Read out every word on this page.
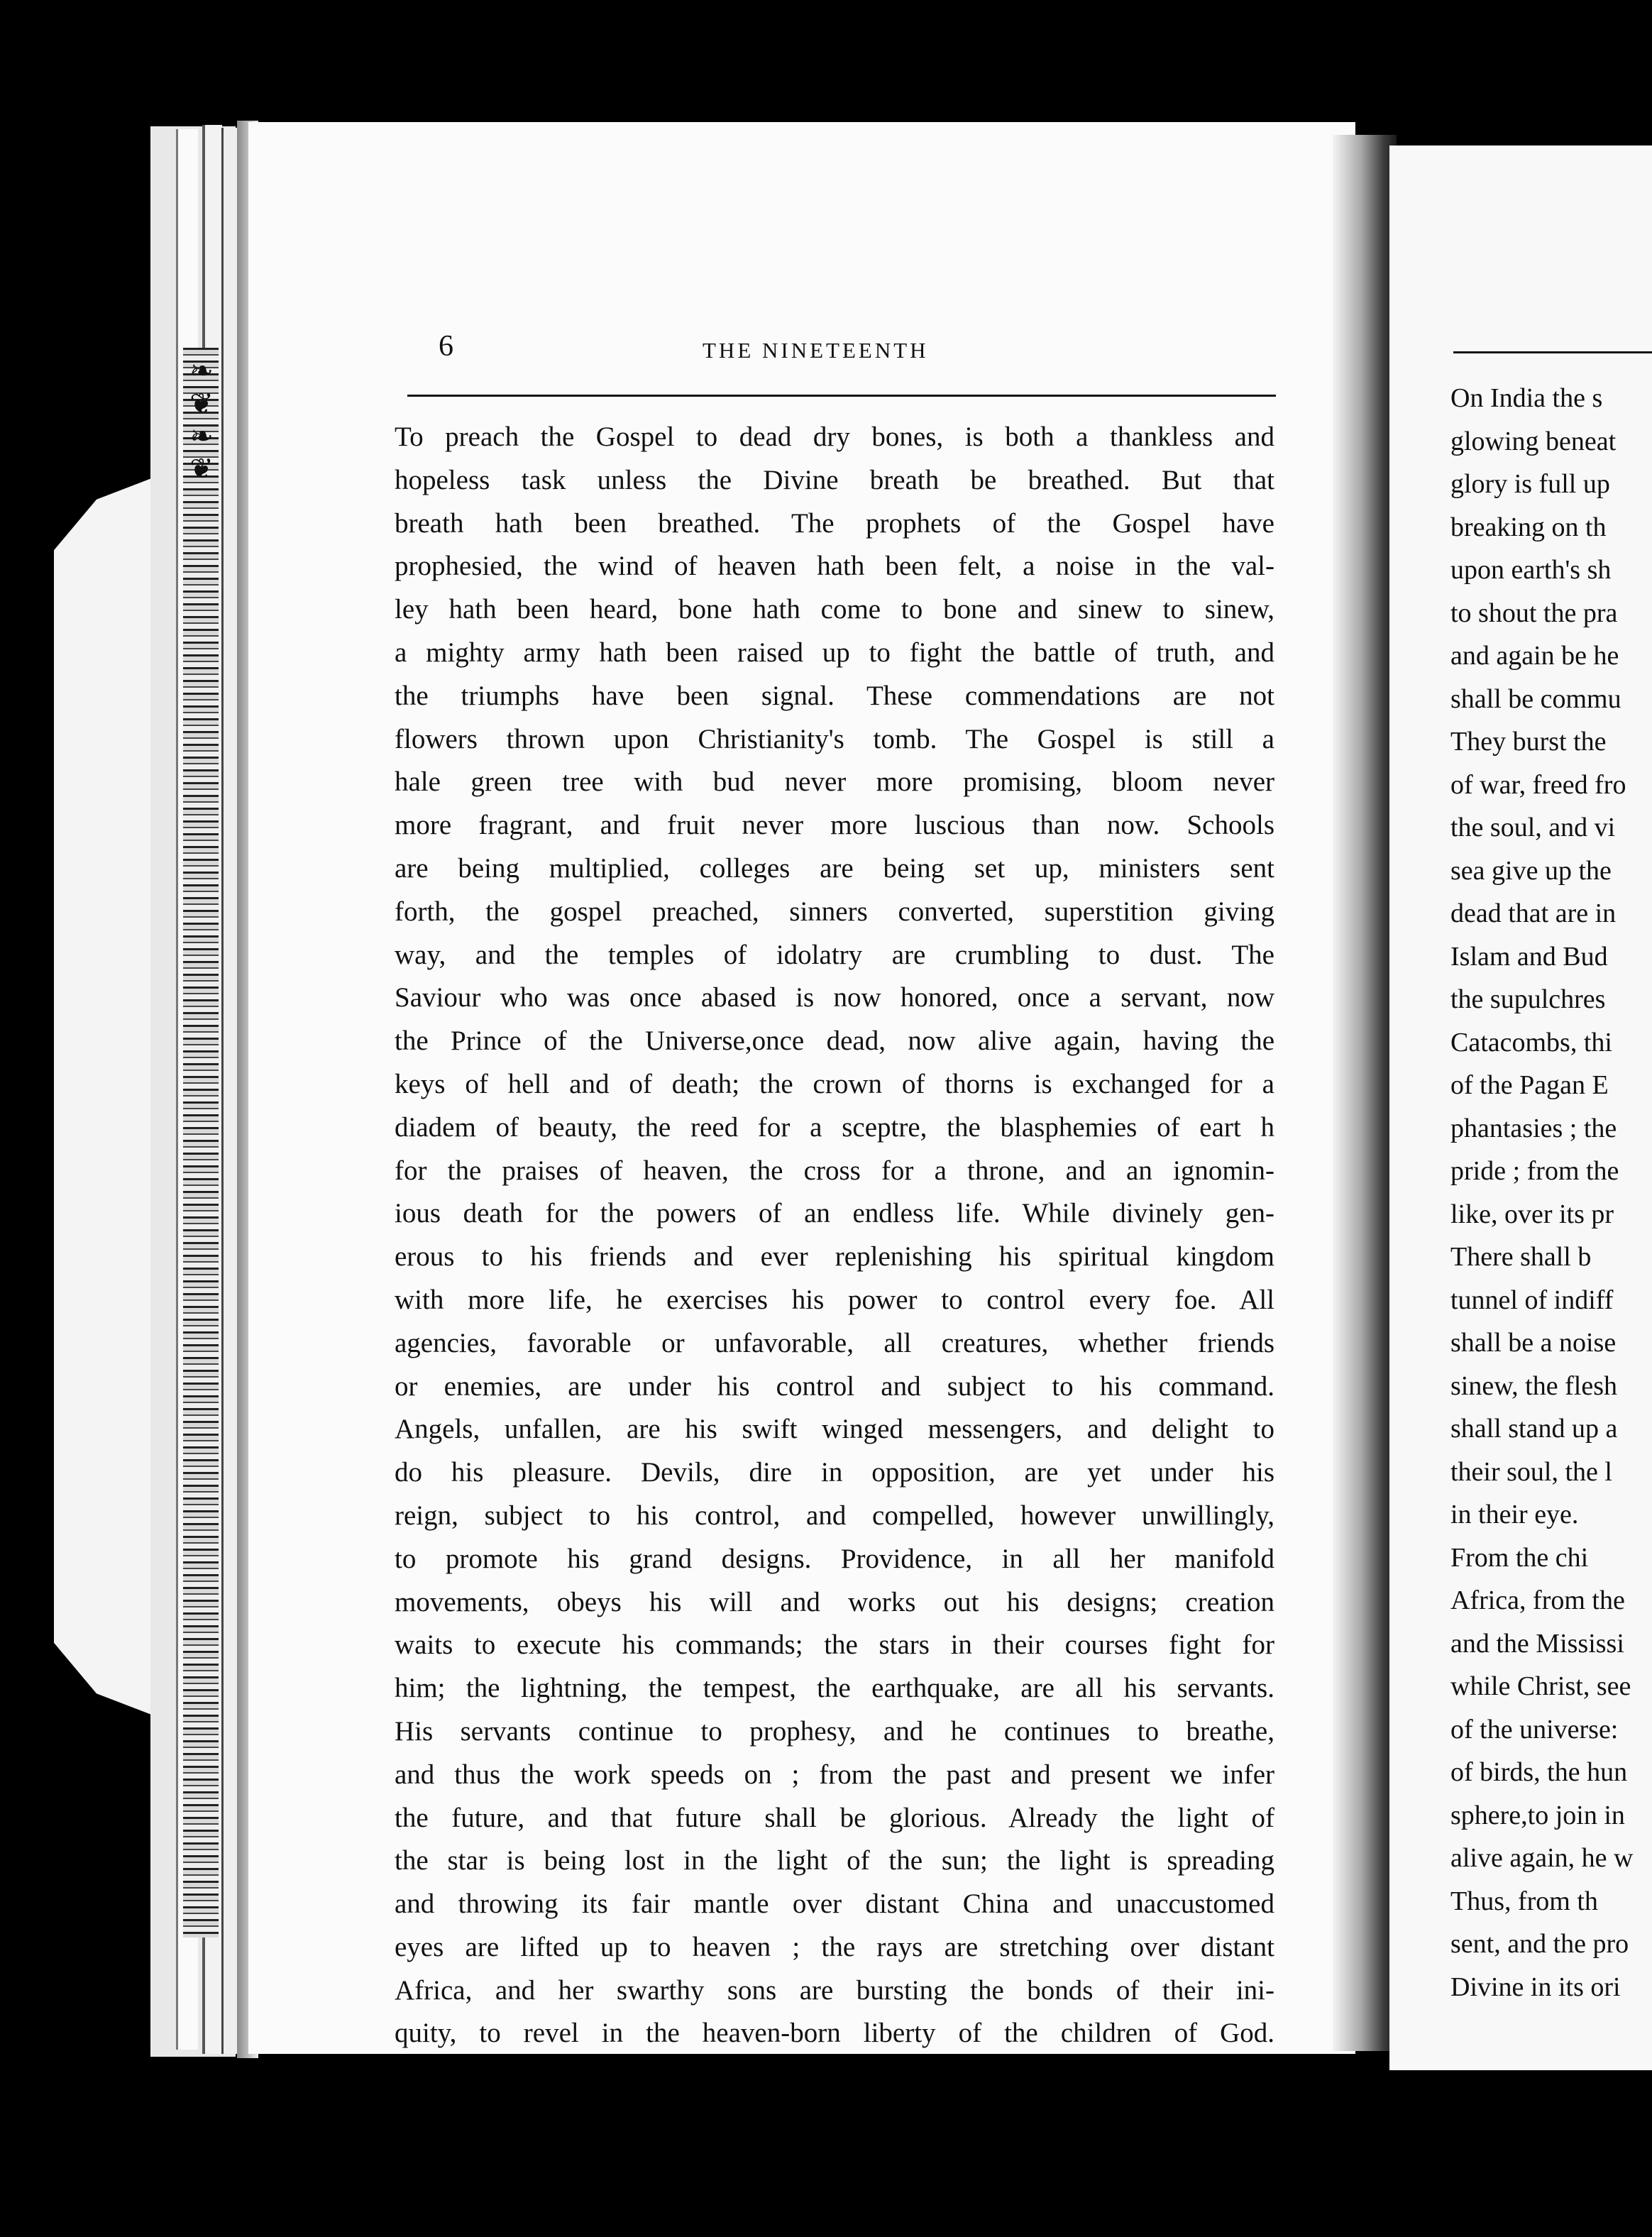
❧
❦
❧
❦
6	THE NINETEENTH
To preach the Gospel to dead dry bones, is both a thankless and
hopeless task unless the Divine breath be breathed. But that
breath hath been breathed. The prophets of the Gospel have
prophesied, the wind of heaven hath been felt, a noise in the val-
ley hath been heard, bone hath come to bone and sinew to sinew,
a mighty army hath been raised up to fight the battle of truth, and
the triumphs have been signal. These commendations are not
flowers thrown upon Christianity's tomb. The Gospel is still a
hale green tree with bud never more promising, bloom never
more fragrant, and fruit never more luscious than now. Schools
are being multiplied, colleges are being set up, ministers sent
forth, the gospel preached, sinners converted, superstition giving
way, and the temples of idolatry are crumbling to dust. The
Saviour who was once abased is now honored, once a servant, now
the Prince of the Universe,once dead, now alive again, having the
keys of hell and of death; the crown of thorns is exchanged for a
diadem of beauty, the reed for a sceptre, the blasphemies of eart h
for the praises of heaven, the cross for a throne, and an ignomin-
ious death for the powers of an endless life. While divinely gen-
erous to his friends and ever replenishing his spiritual kingdom
with more life, he exercises his power to control every foe. All
agencies, favorable or unfavorable, all creatures, whether friends
or enemies, are under his control and subject to his command.
Angels, unfallen, are his swift winged messengers, and delight to
do his pleasure. Devils, dire in opposition, are yet under his
reign, subject to his control, and compelled, however unwillingly,
to promote his grand designs. Providence, in all her manifold
movements, obeys his will and works out his designs; creation
waits to execute his commands; the stars in their courses fight for
him; the lightning, the tempest, the earthquake, are all his servants.
His servants continue to prophesy, and he continues to breathe,
and thus the work speeds on ; from the past and present we infer
the future, and that future shall be glorious. Already the light of
the star is being lost in the light of the sun; the light is spreading
and throwing its fair mantle over distant China and unaccustomed
eyes are lifted up to heaven ; the rays are stretching over distant
Africa, and her swarthy sons are bursting the bonds of their ini-
quity, to revel in the heaven-born liberty of the children of God.
On India the s
glowing beneat
glory is full up
breaking on th
upon earth's sh
to shout the pra
and again be he
shall be commu
They burst the
of war, freed fro
the soul, and vi
sea give up the
dead that are in
Islam and Bud
the supulchres
Catacombs, thi
of the Pagan E
phantasies ; the
pride ; from the
like, over its pr
There shall b
tunnel of indiff
shall be a noise
sinew, the flesh
shall stand up a
their soul, the l
in their eye.
From the chi
Africa, from the
and the Mississi
while Christ, see
of the universe:
of birds, the hun
sphere,to join in
alive again, he w
Thus, from th
sent, and the pro
Divine in its ori
